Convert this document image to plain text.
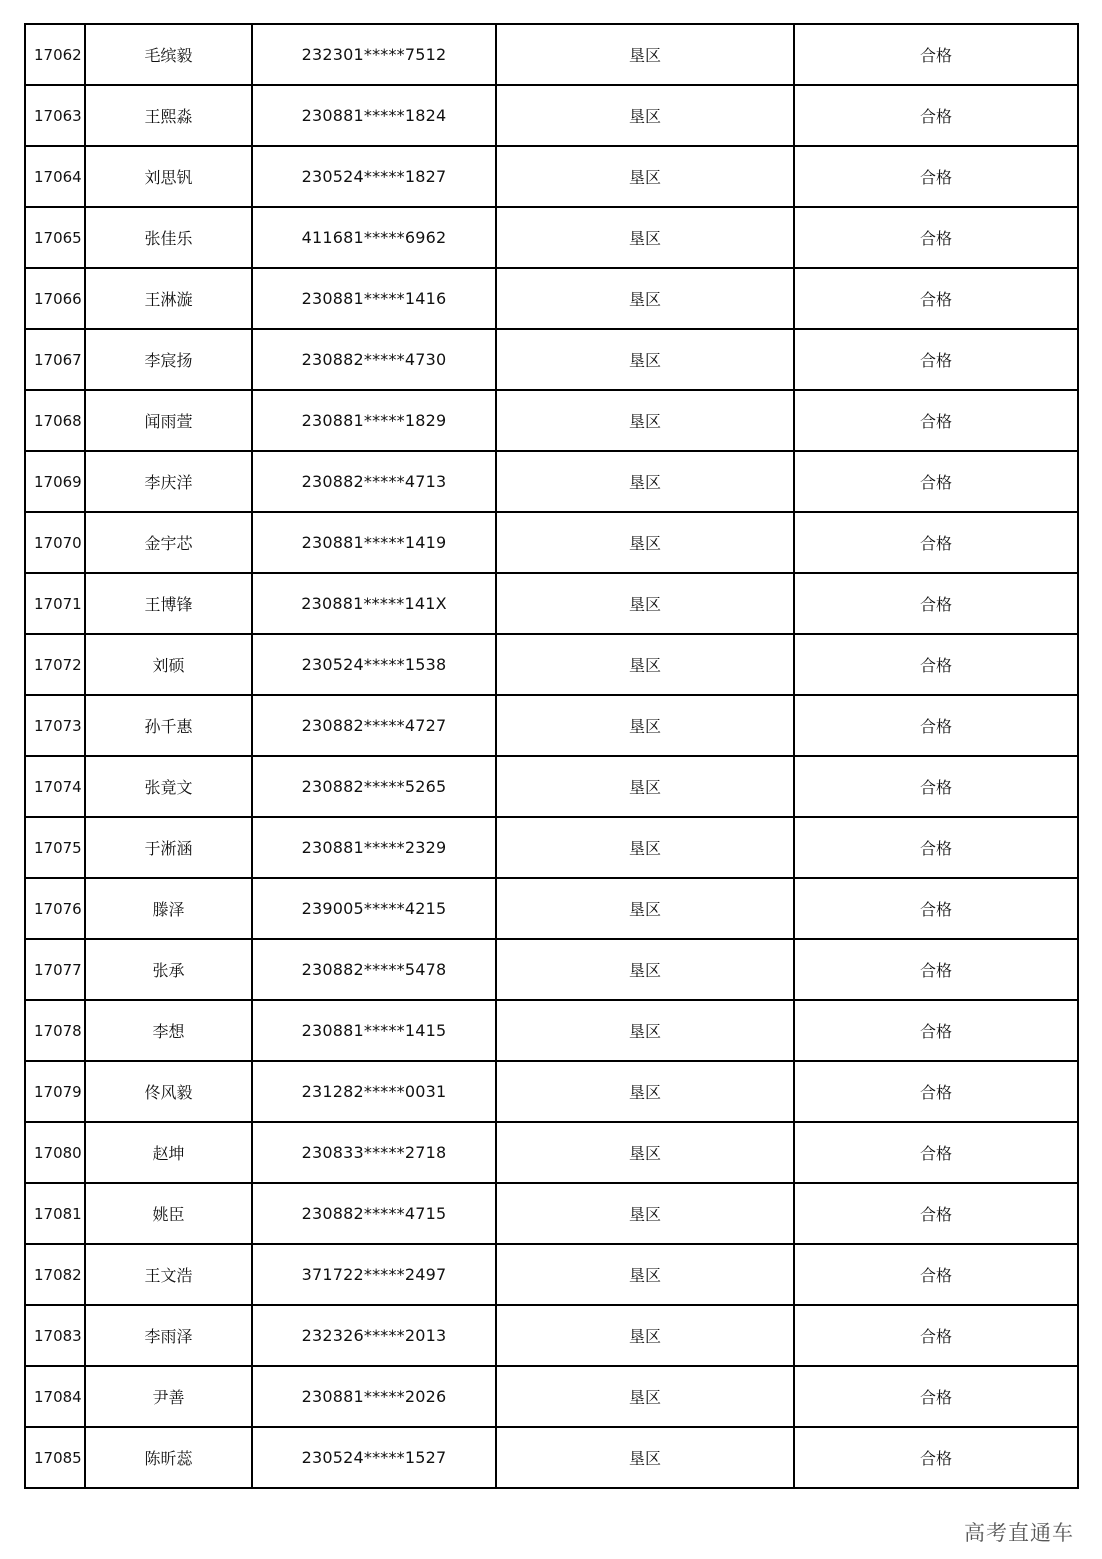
17062	毛缤毅	232301*****7512	垦区	合格
17063	王熙淼	230881*****1824	垦区	合格
17064	刘思钒	230524*****1827	垦区	合格
17065	张佳乐	411681*****6962	垦区	合格
17066	王淋漩	230881*****1416	垦区	合格
17067	李宸扬	230882*****4730	垦区	合格
17068	闻雨萱	230881*****1829	垦区	合格
17069	李庆洋	230882*****4713	垦区	合格
17070	金宇芯	230881*****1419	垦区	合格
17071	王博锋	230881*****141X	垦区	合格
17072	刘硕	230524*****1538	垦区	合格
17073	孙千惠	230882*****4727	垦区	合格
17074	张竟文	230882*****5265	垦区	合格
17075	于淅涵	230881*****2329	垦区	合格
17076	滕泽	239005*****4215	垦区	合格
17077	张承	230882*****5478	垦区	合格
17078	李想	230881*****1415	垦区	合格
17079	佟风毅	231282*****0031	垦区	合格
17080	赵坤	230833*****2718	垦区	合格
17081	姚臣	230882*****4715	垦区	合格
17082	王文浩	371722*****2497	垦区	合格
17083	李雨泽	232326*****2013	垦区	合格
17084	尹善	230881*****2026	垦区	合格
17085	陈昕蕊	230524*****1527	垦区	合格
高考直通车
